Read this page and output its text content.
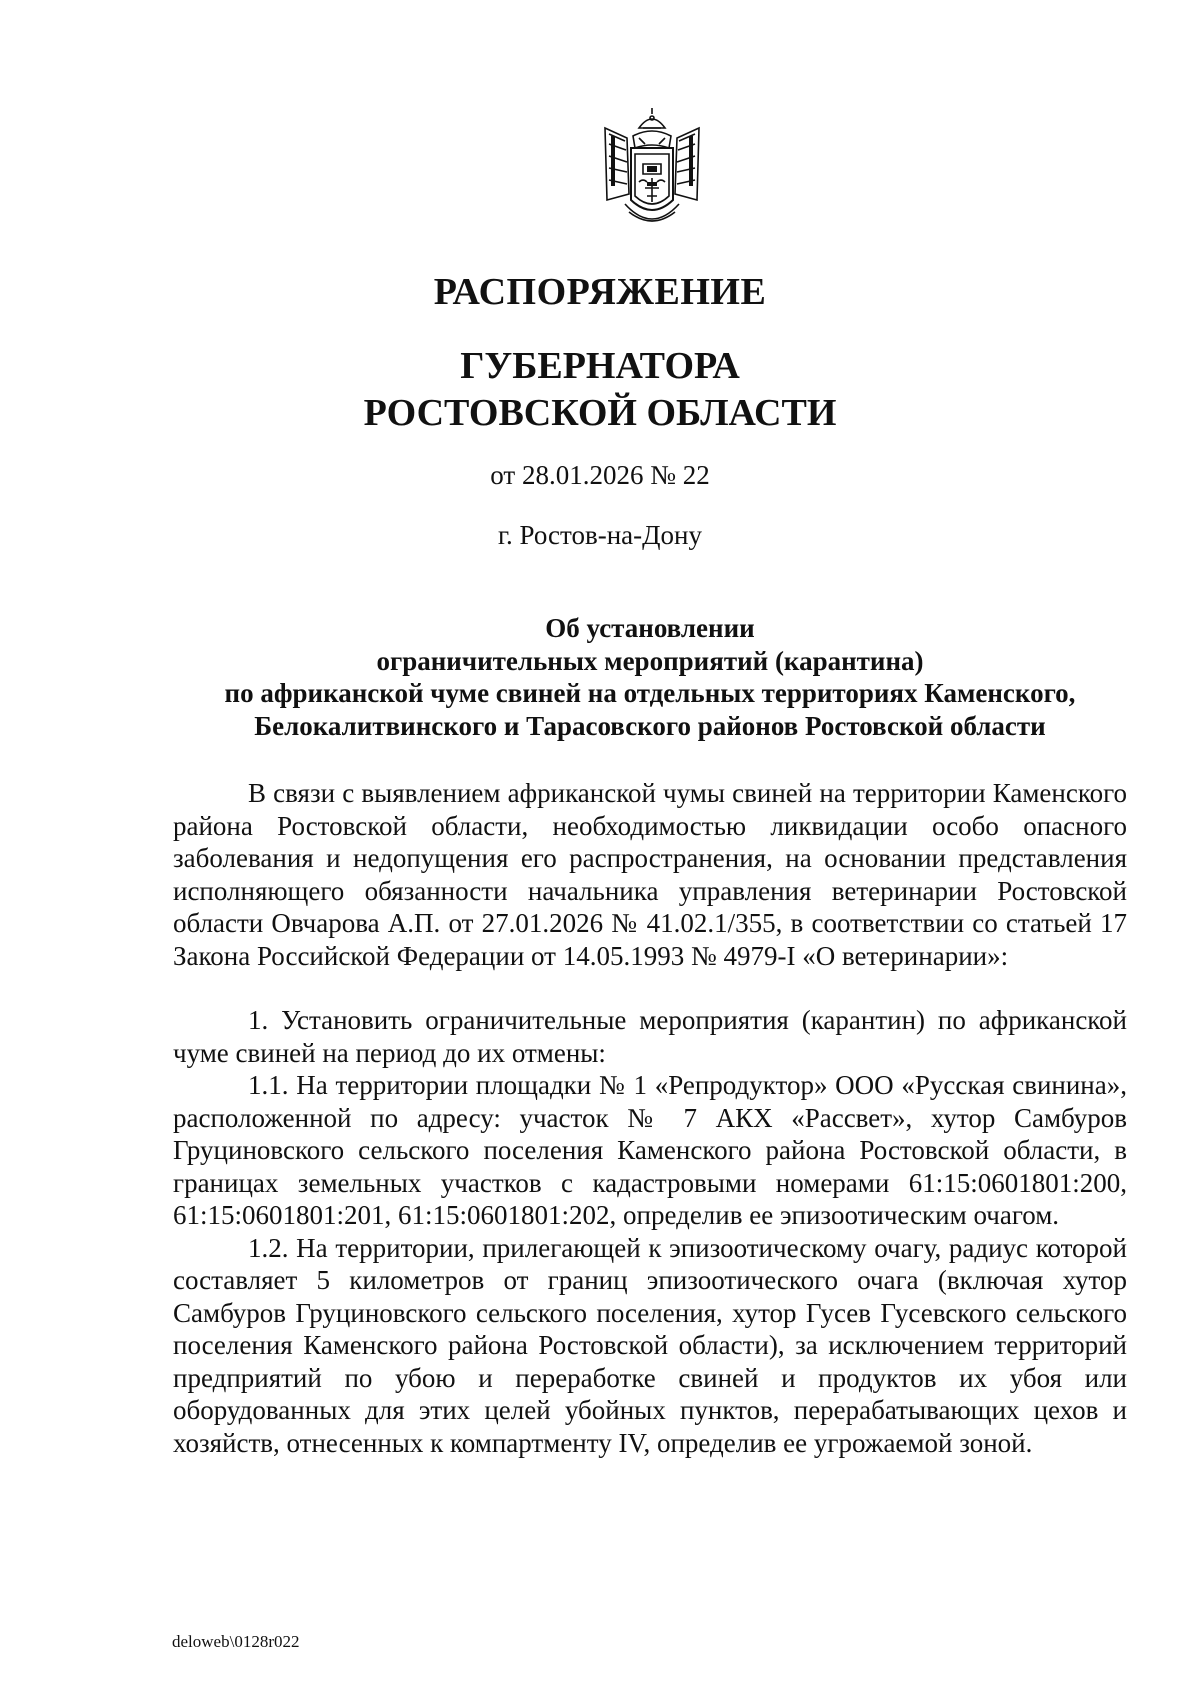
РАСПОРЯЖЕНИЕ
ГУБЕРНАТОРА
РОСТОВСКОЙ ОБЛАСТИ
от 28.01.2026 № 22
г. Ростов-на-Дону
Об установлении
ограничительных мероприятий (карантина)
по африканской чуме свиней на отдельных территориях Каменского,
Белокалитвинского и Тарасовского районов Ростовской области

В связи с выявлением африканской чумы свиней на территории Каменского района Ростовской области, необходимостью ликвидации особо опасного заболевания и недопущения его распространения, на основании представления исполняющего обязанности начальника управления ветеринарии Ростовской области Овчарова А.П. от 27.01.2026 № 41.02.1/355, в соответствии со статьей 17 Закона Российской Федерации от 14.05.1993 № 4979-I «О ветеринарии»:

1. Установить ограничительные мероприятия (карантин) по африканской чуме свиней на период до их отмены:

1.1. На территории площадки № 1 «Репродуктор» ООО «Русская свинина», расположенной по адресу: участок № 7 АКХ «Рассвет», хутор Самбуров Груциновского сельского поселения Каменского района Ростовской области, в границах земельных участков с кадастровыми номерами 61:15:0601801:200, 61:15:0601801:201, 61:15:0601801:202, определив ее эпизоотическим очагом.

1.2. На территории, прилегающей к эпизоотическому очагу, радиус которой составляет 5 километров от границ эпизоотического очага (включая хутор Самбуров Груциновского сельского поселения, хутор Гусев Гусевского сельского поселения Каменского района Ростовской области), за исключением территорий предприятий по убою и переработке свиней и продуктов их убоя или оборудованных для этих целей убойных пунктов, перерабатывающих цехов и хозяйств, отнесенных к компартменту IV, определив ее угрожаемой зоной.

deloweb\0128r022
